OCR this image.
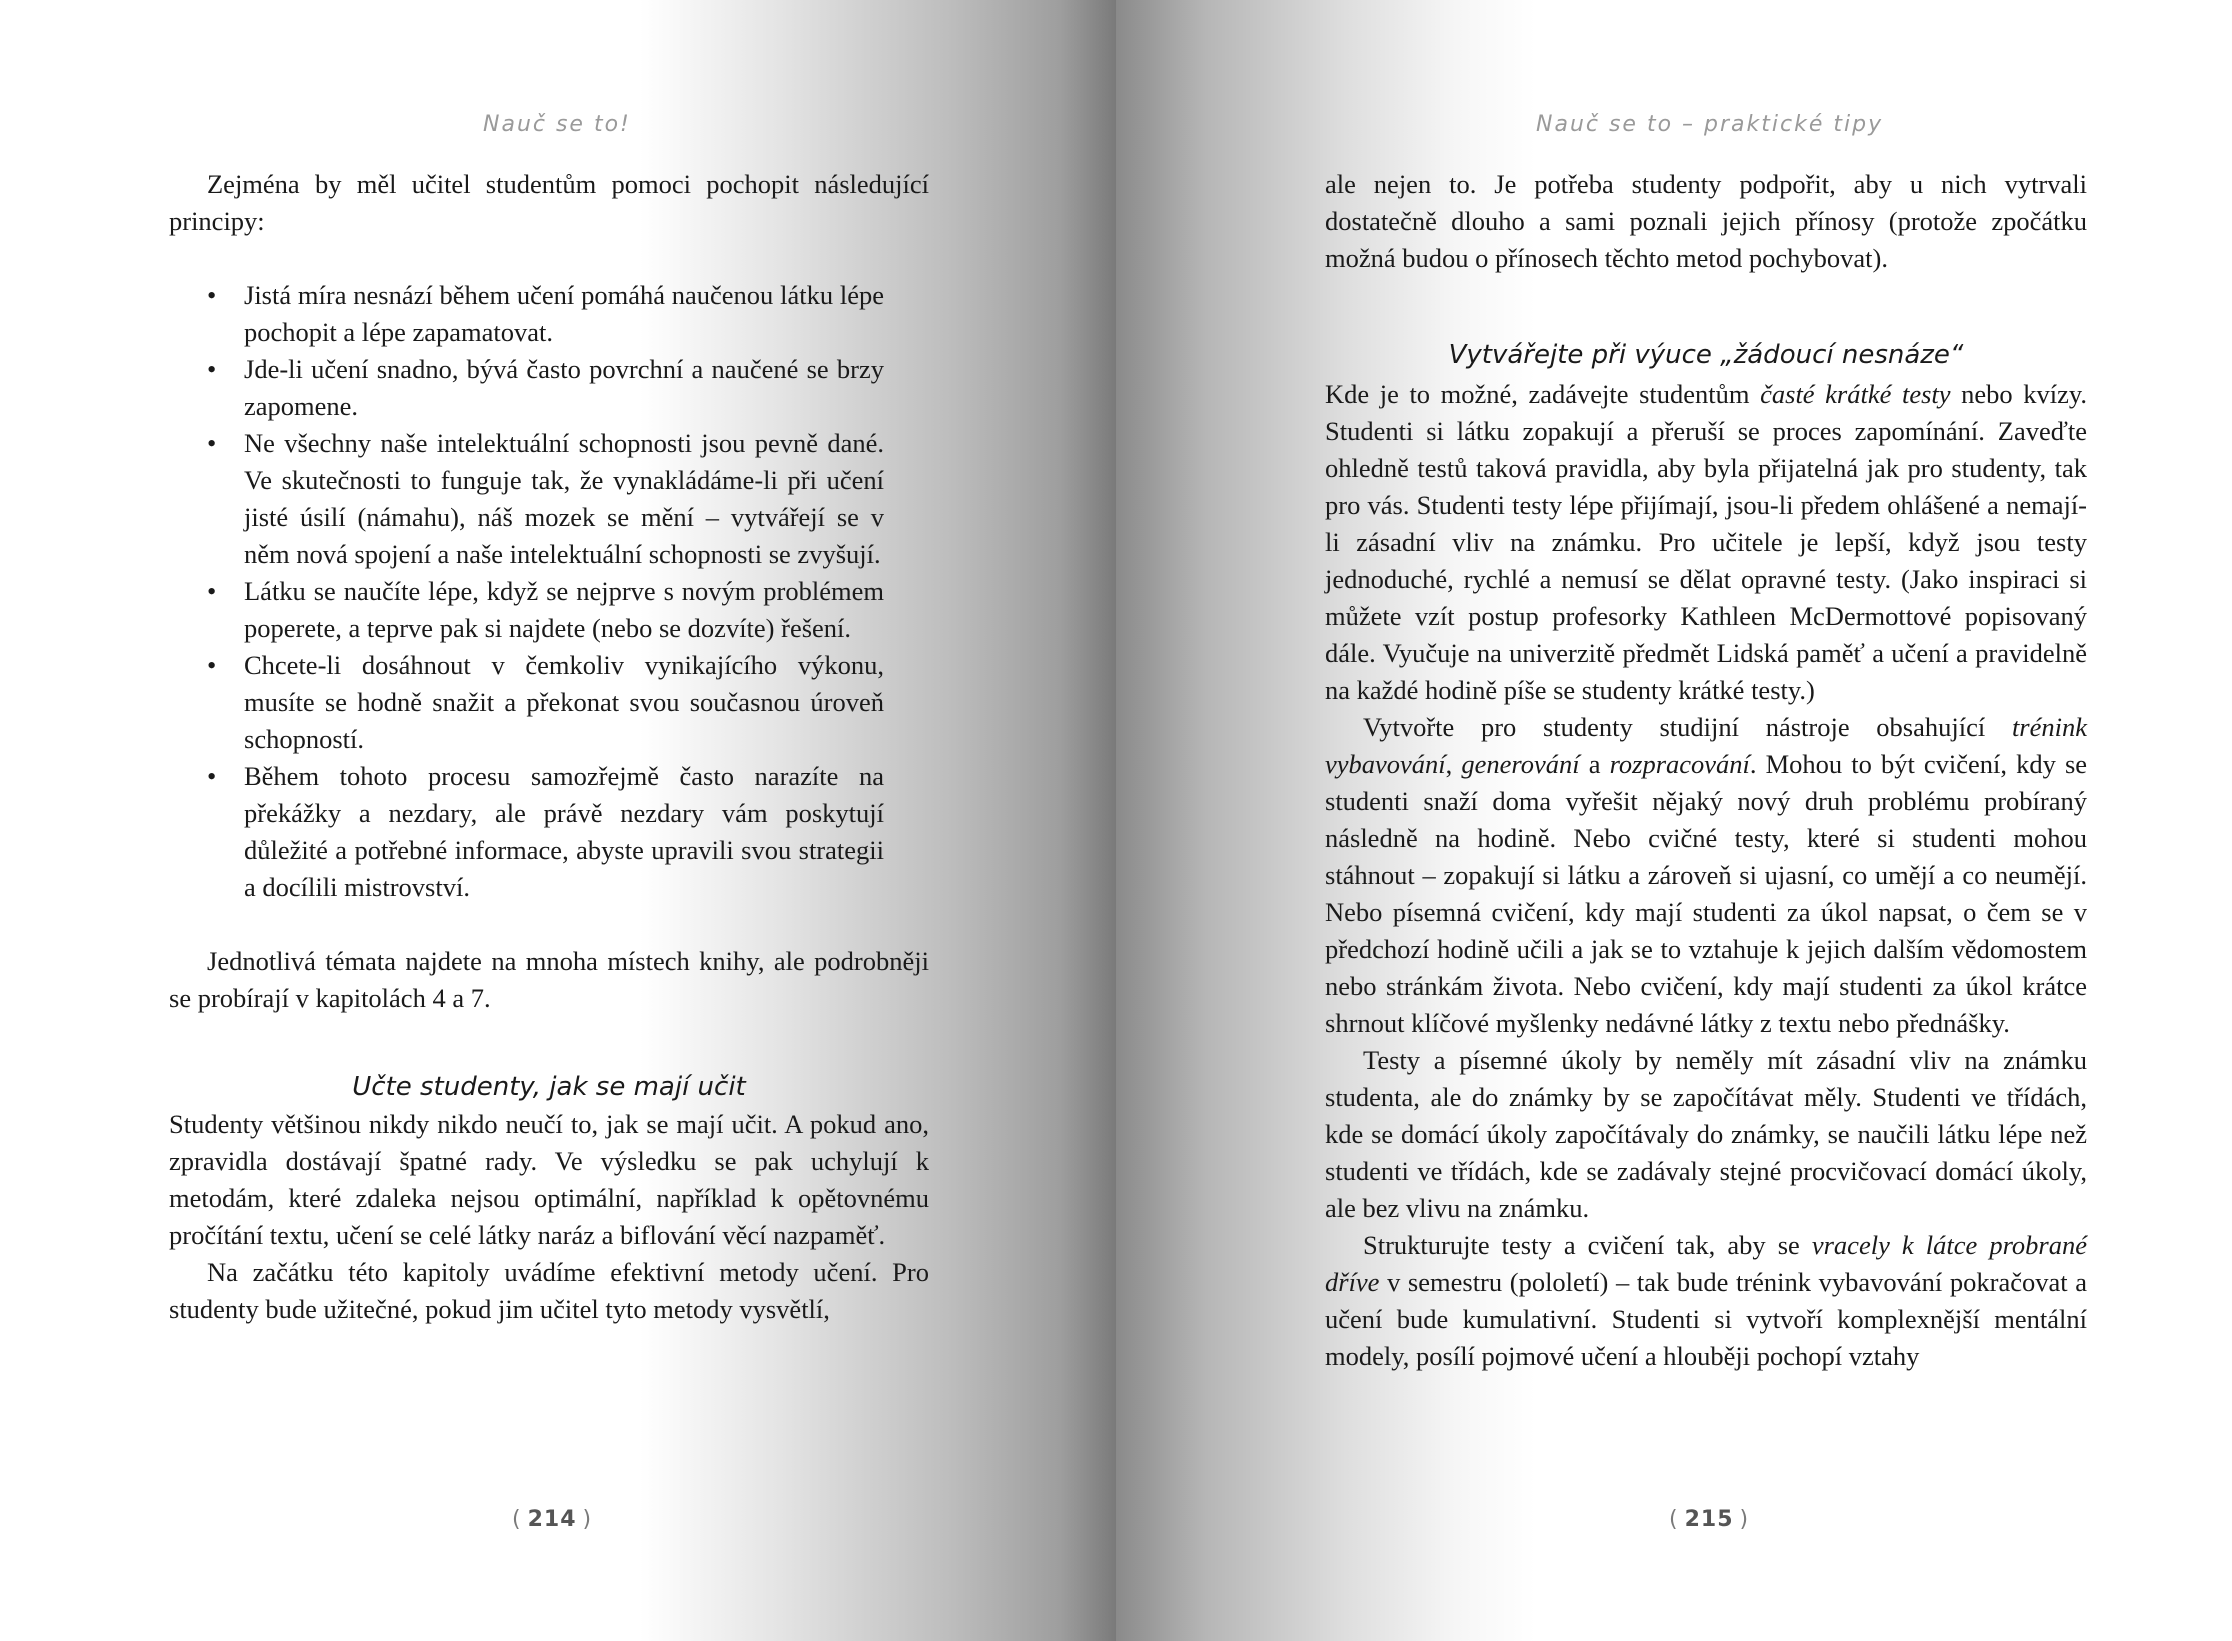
Nauč se to!

Zejména by měl učitel studentům pomoci pochopit následující principy:

• Jistá míra nesnází během učení pomáhá naučenou látku lépe pochopit a lépe zapamatovat.
• Jde-li učení snadno, bývá často povrchní a naučené se brzy zapomene.
• Ne všechny naše intelektuální schopnosti jsou pevně dané. Ve skutečnosti to funguje tak, že vynakládáme-li při učení jisté úsilí (námahu), náš mozek se mění – vytvářejí se v něm nová spojení a naše intelektuální schopnosti se zvyšují.
• Látku se naučíte lépe, když se nejprve s novým problémem poperete, a teprve pak si najdete (nebo se dozvíte) řešení.
• Chcete-li dosáhnout v čemkoliv vynikajícího výkonu, musíte se hodně snažit a překonat svou současnou úroveň schopností.
• Během tohoto procesu samozřejmě často narazíte na překážky a nezdary, ale právě nezdary vám poskytují důležité a potřebné informace, abyste upravili svou strategii a docílili mistrovství.

Jednotlivá témata najdete na mnoha místech knihy, ale podrobněji se probírají v kapitolách 4 a 7.

Učte studenty, jak se mají učit

Studenty většinou nikdy nikdo neučí to, jak se mají učit. A pokud ano, zpravidla dostávají špatné rady. Ve výsledku se pak uchylují k metodám, které zdaleka nejsou optimální, například k opětovnému pročítání textu, učení se celé látky naráz a biflování věcí nazpaměť.

Na začátku této kapitoly uvádíme efektivní metody učení. Pro studenty bude užitečné, pokud jim učitel tyto metody vysvětlí,

( 214 )
Nauč se to – praktické tipy

ale nejen to. Je potřeba studenty podpořit, aby u nich vytrvali dostatečně dlouho a sami poznali jejich přínosy (protože zpočátku možná budou o přínosech těchto metod pochybovat).

Vytvářejte při výuce „žádoucí nesnáze“

Kde je to možné, zadávejte studentům časté krátké testy nebo kvízy. Studenti si látku zopakují a přeruší se proces zapomínání. Zaveďte ohledně testů taková pravidla, aby byla přijatelná jak pro studenty, tak pro vás. Studenti testy lépe přijímají, jsou-li předem ohlášené a nemají-li zásadní vliv na známku. Pro učitele je lepší, když jsou testy jednoduché, rychlé a nemusí se dělat opravné testy. (Jako inspiraci si můžete vzít postup profesorky Kathleen McDermottové popisovaný dále. Vyučuje na univerzitě předmět Lidská paměť a učení a pravidelně na každé hodině píše se studenty krátké testy.)

Vytvořte pro studenty studijní nástroje obsahující trénink vybavování, generování a rozpracování. Mohou to být cvičení, kdy se studenti snaží doma vyřešit nějaký nový druh problému probíraný následně na hodině. Nebo cvičné testy, které si studenti mohou stáhnout – zopakují si látku a zároveň si ujasní, co umějí a co neumějí. Nebo písemná cvičení, kdy mají studenti za úkol napsat, o čem se v předchozí hodině učili a jak se to vztahuje k jejich dalším vědomostem nebo stránkám života. Nebo cvičení, kdy mají studenti za úkol krátce shrnout klíčové myšlenky nedávné látky z textu nebo přednášky.

Testy a písemné úkoly by neměly mít zásadní vliv na známku studenta, ale do známky by se započítávat měly. Studenti ve třídách, kde se domácí úkoly započítávaly do známky, se naučili látku lépe než studenti ve třídách, kde se zadávaly stejné procvičovací domácí úkoly, ale bez vlivu na známku.

Strukturujte testy a cvičení tak, aby se vracely k látce probrané dříve v semestru (pololetí) – tak bude trénink vybavování pokračovat a učení bude kumulativní. Studenti si vytvoří komplexnější mentální modely, posílí pojmové učení a hlouběji pochopí vztahy

( 215 )
